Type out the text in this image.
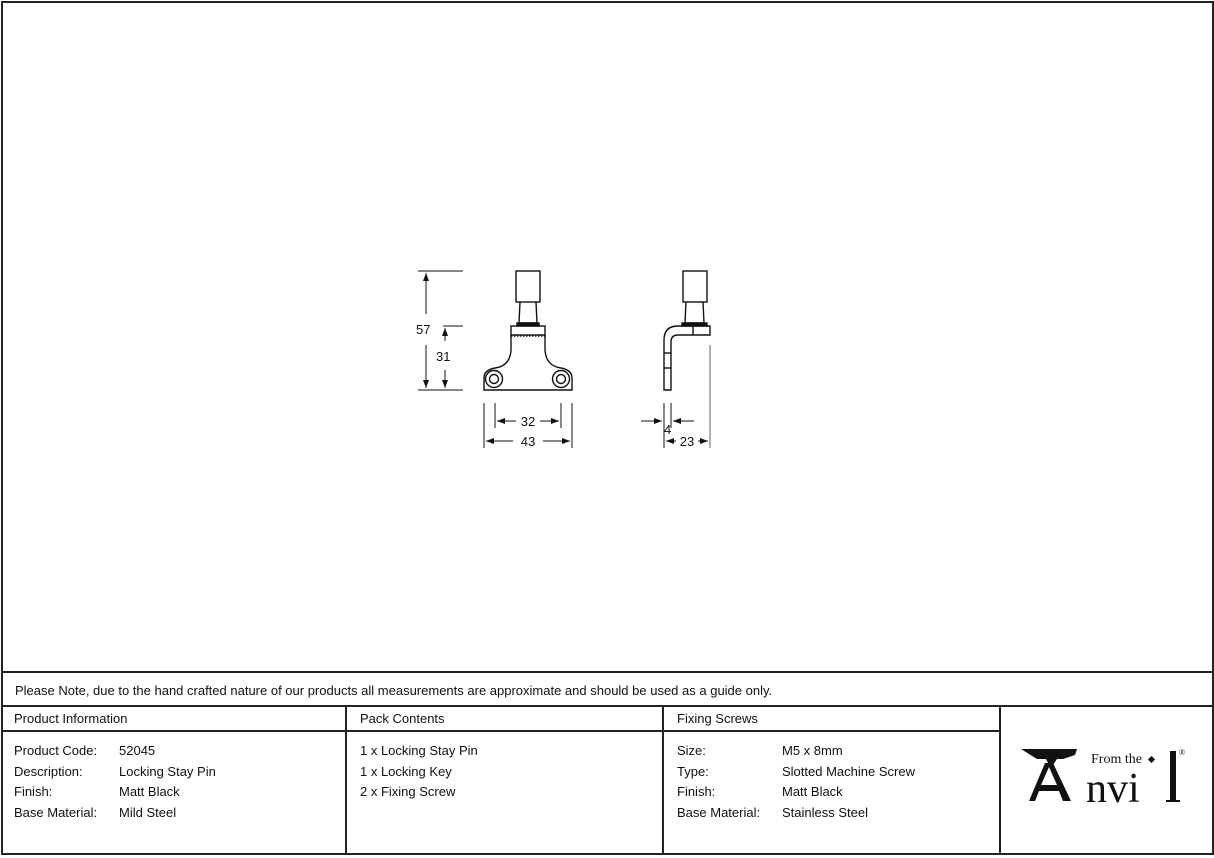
57
31
32
43
4
23
Please Note, due to the hand crafted nature of our products all measurements are approximate and should be used as a guide only.
Product Information
Product Code:	52045
Description:	Locking Stay Pin
Finish:	Matt Black
Base Material:	Mild Steel
Pack Contents
1 x Locking Stay Pin
1 x Locking Key
2 x Fixing Screw
Fixing Screws
Size:	M5 x 8mm
Type:	Slotted Machine Screw
Finish:	Matt Black
Base Material:	Stainless Steel	nvi
From the	®
